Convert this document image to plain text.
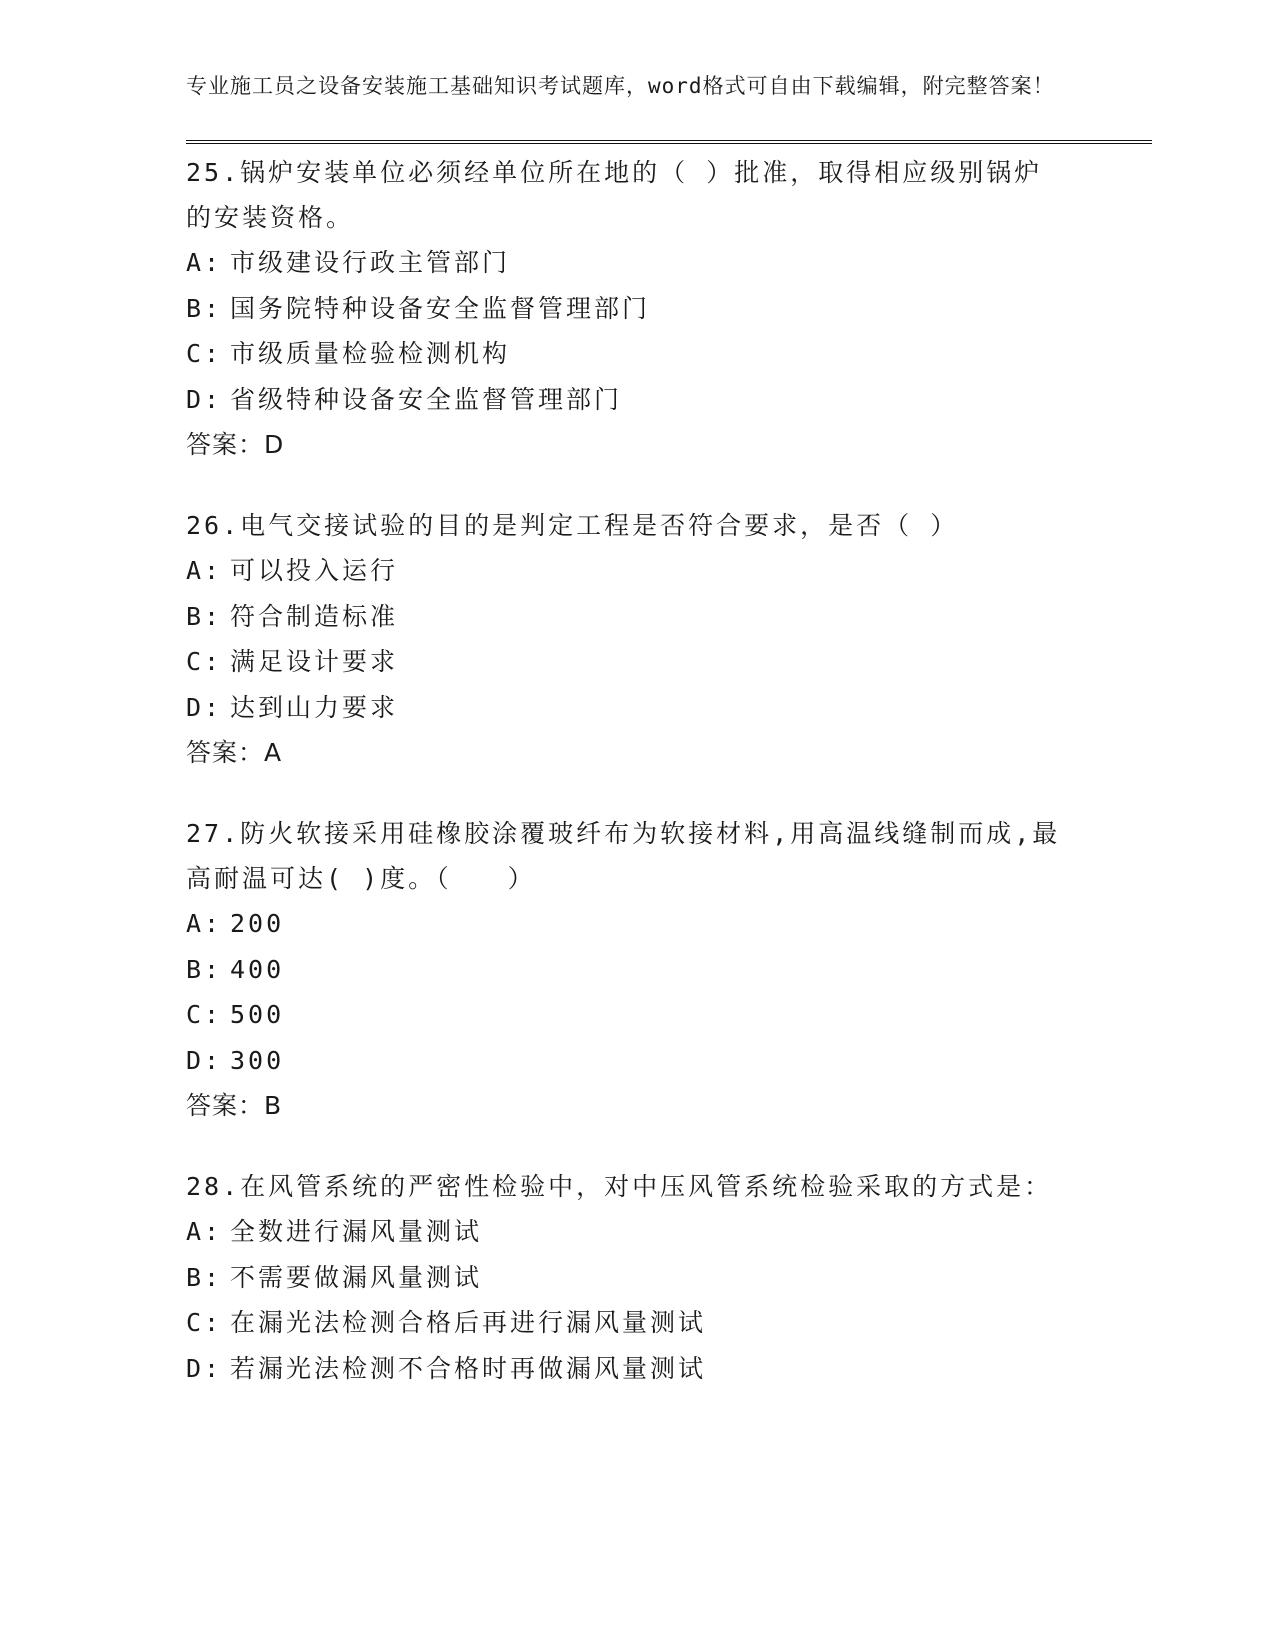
专业施工员之设备安装施工基础知识考试题库，word格式可自由下载编辑，附完整答案！

25.锅炉安装单位必须经单位所在地的（ ）批准，取得相应级别锅炉的安装资格。

A: 市级建设行政主管部门
B: 国务院特种设备安全监督管理部门
C: 市级质量检验检测机构
D: 省级特种设备安全监督管理部门
答案：D

26.电气交接试验的目的是判定工程是否符合要求，是否（ ）

A: 可以投入运行
B: 符合制造标准
C: 满足设计要求
D: 达到山力要求
答案：A

27.防火软接采用硅橡胶涂覆玻纤布为软接材料,用高温线缝制而成,最高耐温可达( )度。（　　）

A: 200
B: 400
C: 500
D: 300
答案：B

28.在风管系统的严密性检验中，对中压风管系统检验采取的方式是：

A: 全数进行漏风量测试
B: 不需要做漏风量测试
C: 在漏光法检测合格后再进行漏风量测试
D: 若漏光法检测不合格时再做漏风量测试
